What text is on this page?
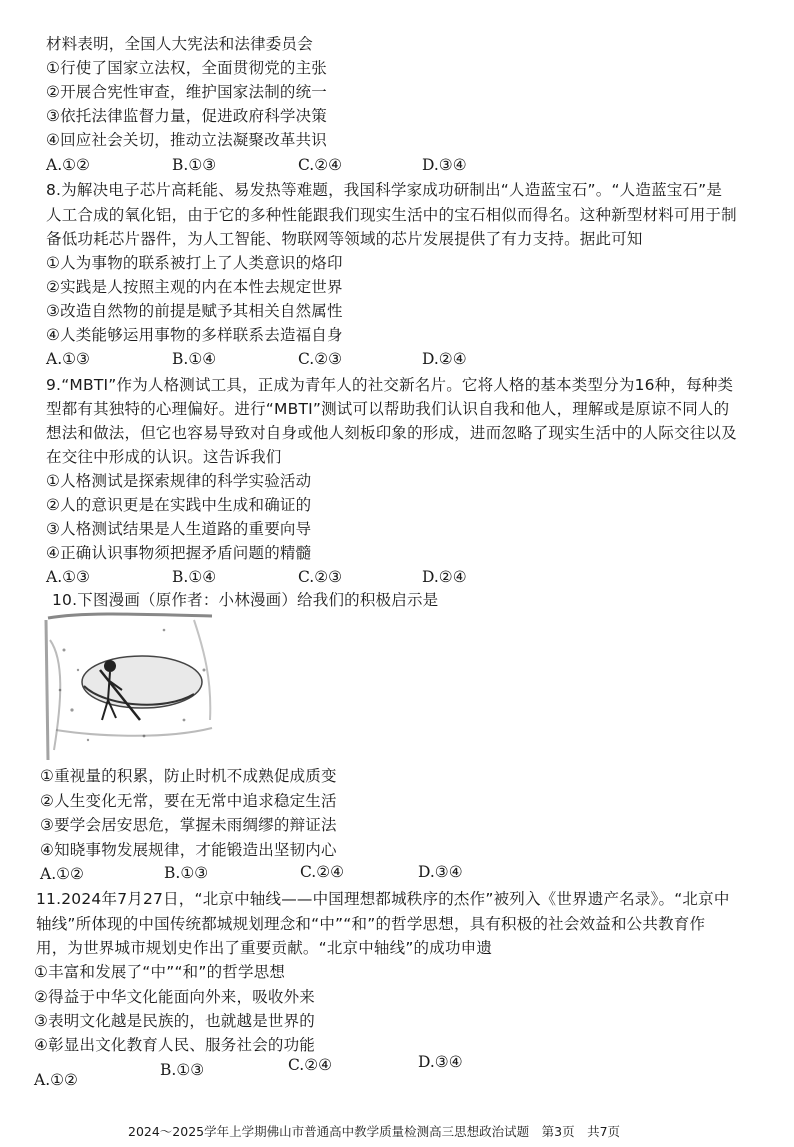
材料表明，全国人大宪法和法律委员会
①行使了国家立法权，全面贯彻党的主张
②开展合宪性审查，维护国家法制的统一
③依托法律监督力量，促进政府科学决策
④回应社会关切，推动立法凝聚改革共识
A.①②	B.①③	C.②④	D.③④
8.为解决电子芯片高耗能、易发热等难题，我国科学家成功研制出“人造蓝宝石”。“人造蓝宝石”是
人工合成的氧化铝，由于它的多种性能跟我们现实生活中的宝石相似而得名。这种新型材料可用于制
备低功耗芯片器件，为人工智能、物联网等领域的芯片发展提供了有力支持。据此可知
①人为事物的联系被打上了人类意识的烙印
②实践是人按照主观的内在本性去规定世界
③改造自然物的前提是赋予其相关自然属性
④人类能够运用事物的多样联系去造福自身
A.①③	B.①④	C.②③	D.②④
9.“MBTI”作为人格测试工具，正成为青年人的社交新名片。它将人格的基本类型分为16种，每种类
型都有其独特的心理偏好。进行“MBTI”测试可以帮助我们认识自我和他人，理解或是原谅不同人的
想法和做法，但它也容易导致对自身或他人刻板印象的形成，进而忽略了现实生活中的人际交往以及
在交往中形成的认识。这告诉我们
①人格测试是探索规律的科学实验活动
②人的意识更是在实践中生成和确证的
③人格测试结果是人生道路的重要向导
④正确认识事物须把握矛盾问题的精髓
A.①③	B.①④	C.②③	D.②④
10.下图漫画（原作者：小林漫画）给我们的积极启示是
①重视量的积累，防止时机不成熟促成质变
②人生变化无常，要在无常中追求稳定生活
③要学会居安思危，掌握未雨绸缪的辩证法
④知晓事物发展规律，才能锻造出坚韧内心
A.①②	B.①③	C.②④	D.③④
11.2024年7月27日，“北京中轴线——中国理想都城秩序的杰作”被列入《世界遗产名录》。“北京中
轴线”所体现的中国传统都城规划理念和“中”“和”的哲学思想，具有积极的社会效益和公共教育作
用，为世界城市规划史作出了重要贡献。“北京中轴线”的成功申遗
①丰富和发展了“中”“和”的哲学思想
②得益于中华文化能面向外来，吸收外来
③表明文化越是民族的，也就越是世界的
④彰显出文化教育人民、服务社会的功能
A.①②
B.①③	C.②④	D.③④
2024～2025学年上学期佛山市普通高中教学质量检测高三思想政治试题　第3页　共7页
